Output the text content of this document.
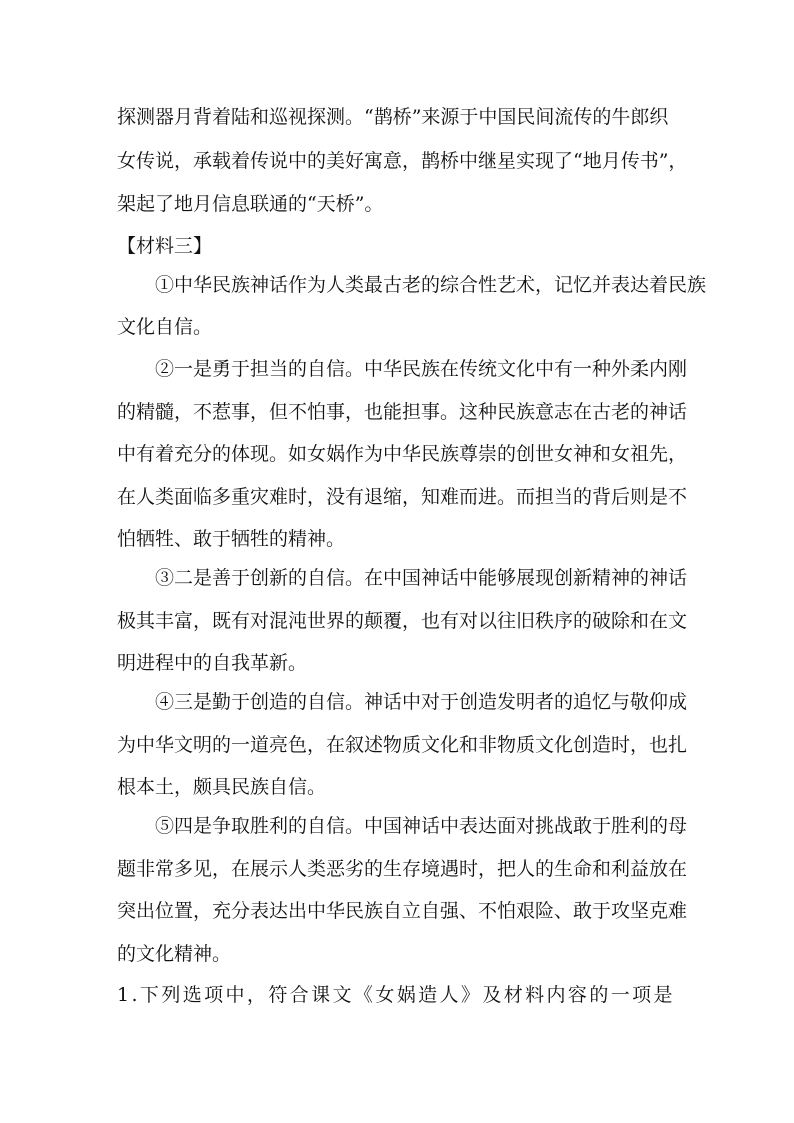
探测器月背着陆和巡视探测。“鹊桥”来源于中国民间流传的牛郎织
女传说，承载着传说中的美好寓意，鹊桥中继星实现了“地月传书”，
架起了地月信息联通的“天桥”。
【材料三】
①中华民族神话作为人类最古老的综合性艺术，记忆并表达着民族
文化自信。
②一是勇于担当的自信。中华民族在传统文化中有一种外柔内刚
的精髓，不惹事，但不怕事，也能担事。这种民族意志在古老的神话
中有着充分的体现。如女娲作为中华民族尊崇的创世女神和女祖先，
在人类面临多重灾难时，没有退缩，知难而进。而担当的背后则是不
怕牺牲、敢于牺牲的精神。
③二是善于创新的自信。在中国神话中能够展现创新精神的神话
极其丰富，既有对混沌世界的颠覆，也有对以往旧秩序的破除和在文
明进程中的自我革新。
④三是勤于创造的自信。神话中对于创造发明者的追忆与敬仰成
为中华文明的一道亮色，在叙述物质文化和非物质文化创造时，也扎
根本土，颇具民族自信。
⑤四是争取胜利的自信。中国神话中表达面对挑战敢于胜利的母
题非常多见，在展示人类恶劣的生存境遇时，把人的生命和利益放在
突出位置，充分表达出中华民族自立自强、不怕艰险、敢于攻坚克难
的文化精神。
1.下列选项中，符合课文《女娲造人》及材料内容的一项是
